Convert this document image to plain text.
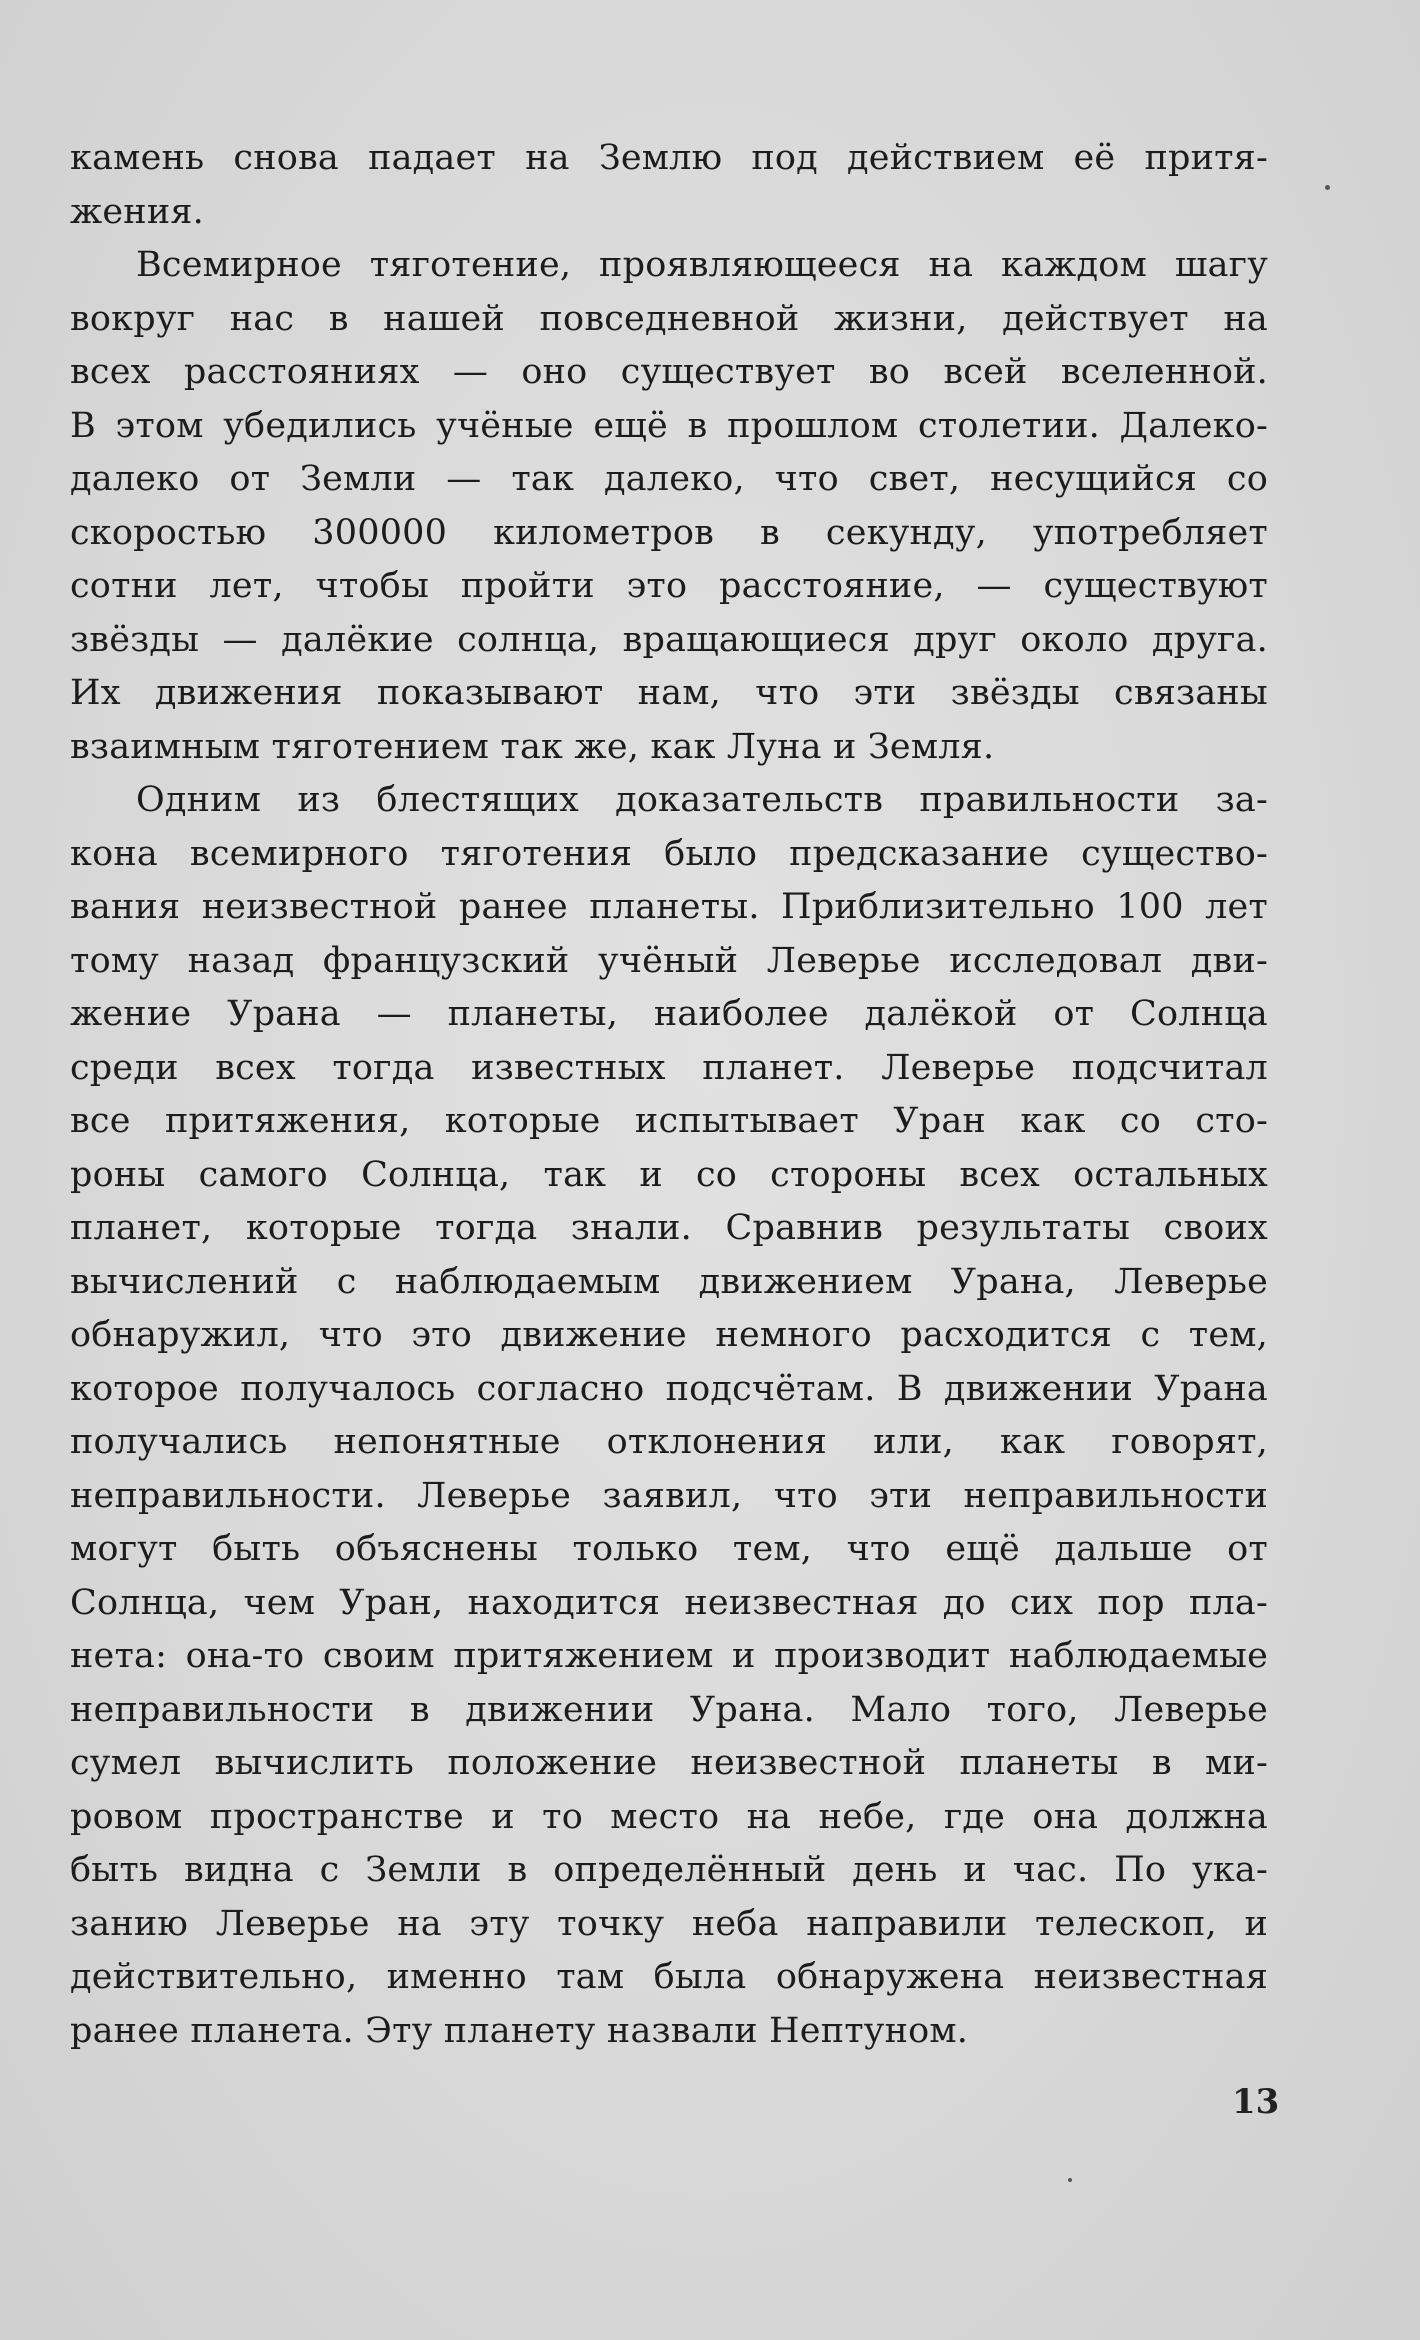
камень снова падает на Землю под действием её притя-
жения.
Всемирное тяготение, проявляющееся на каждом шагу
вокруг нас в нашей повседневной жизни, действует на
всех расстояниях — оно существует во всей вселенной.
В этом убедились учёные ещё в прошлом столетии. Далеко-
далеко от Земли — так далеко, что свет, несущийся со
скоростью 300000 километров в секунду, употребляет
сотни лет, чтобы пройти это расстояние, — существуют
звёзды — далёкие солнца, вращающиеся друг около друга.
Их движения показывают нам, что эти звёзды связаны
взаимным тяготением так же, как Луна и Земля.
Одним из блестящих доказательств правильности за-
кона всемирного тяготения было предсказание существо-
вания неизвестной ранее планеты. Приблизительно 100 лет
тому назад французский учёный Леверье исследовал дви-
жение Урана — планеты, наиболее далёкой от Солнца
среди всех тогда известных планет. Леверье подсчитал
все притяжения, которые испытывает Уран как со сто-
роны самого Солнца, так и со стороны всех остальных
планет, которые тогда знали. Сравнив результаты своих
вычислений с наблюдаемым движением Урана, Леверье
обнаружил, что это движение немного расходится с тем,
которое получалось согласно подсчётам. В движении Урана
получались непонятные отклонения или, как говорят,
неправильности. Леверье заявил, что эти неправильности
могут быть объяснены только тем, что ещё дальше от
Солнца, чем Уран, находится неизвестная до сих пор пла-
нета: она-то своим притяжением и производит наблюдаемые
неправильности в движении Урана. Мало того, Леверье
сумел вычислить положение неизвестной планеты в ми-
ровом пространстве и то место на небе, где она должна
быть видна с Земли в определённый день и час. По ука-
занию Леверье на эту точку неба направили телескоп, и
действительно, именно там была обнаружена неизвестная
ранее планета. Эту планету назвали Нептуном.
13
